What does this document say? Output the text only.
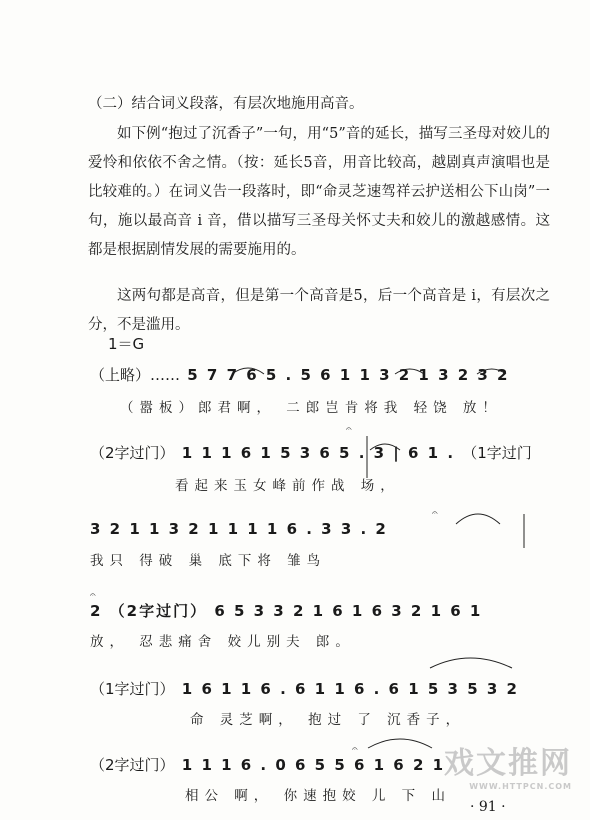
（二）结合词义段落，有层次地施用高音。

如下例“抱过了沉香子”一句，用“5”音的延长，描写三圣母对姣儿的爱怜和依依不舍之情。（按：延长5音，用音比较高，越剧真声演唱也是比较难的。）在词义告一段落时，即“命灵芝速驾祥云护送相公下山岗”一句，施以最高音 i 音，借以描写三圣母关怀丈夫和姣儿的激越感情。这都是根据剧情发展的需要施用的。

这两句都是高音，但是第一个高音是5，后一个高音是 i，有层次之分，不是滥用。

1＝G
𝄐
𝄐
𝄐
𝄐
（上略）…… 5 7 7 6 5 . 5 6 1 1 3 2 1 3 2 3 2
（嚣板）郎君啊， 二郎岂肯将我 轻饶 放！
（2字过门） 1 1 1 6 1 5 3 6 5 . 3 | 6 1 . （1字过门
看起来玉女峰前作战 场，
3 2 1 1 3 2 1 1 1 1 6 . 3 3 . 2
我只 得破 巢 底下将 雏鸟
2 （2字过门） 6 5 3 3 2 1 6 1 6 3 2 1 6 1
放， 忍悲痛舍 姣儿别夫 郎。
（1字过门） 1 6 1 1 6 . 6 1 1 6 . 6 1 5 3 5 3 2
命 灵芝啊， 抱过 了 沉香子，
（2字过门） 1 1 1 6 . 0 6 5 5 6 1 6 2 1
相公 啊， 你速抱姣 儿 下 山
戏文推网
WWW.HTTPCN.COM
· 91 ·
